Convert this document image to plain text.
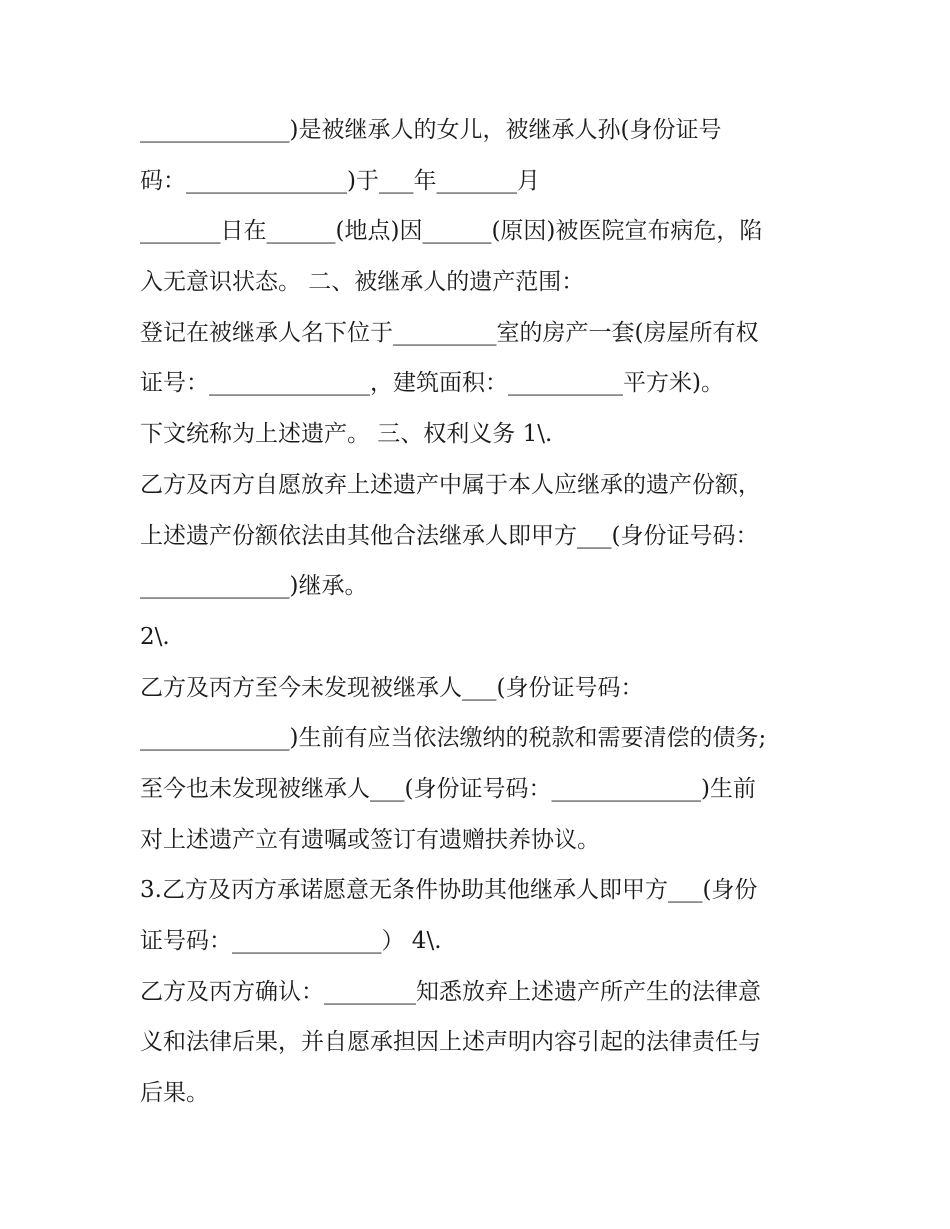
_____________)是被继承人的女儿，被继承人孙(身份证号
码：______________)于___年_______月
_______日在______(地点)因______(原因)被医院宣布病危，陷
入无意识状态。 二、被继承人的遗产范围：
登记在被继承人名下位于_________室的房产一套(房屋所有权
证号：______________，建筑面积：__________平方米)。
下文统称为上述遗产。 三、权利义务 1\.
乙方及丙方自愿放弃上述遗产中属于本人应继承的遗产份额，
上述遗产份额依法由其他合法继承人即甲方___(身份证号码：
_____________)继承。
2\.
乙方及丙方至今未发现被继承人___(身份证号码：
_____________)生前有应当依法缴纳的税款和需要清偿的债务;
至今也未发现被继承人___(身份证号码：_____________)生前
对上述遗产立有遗嘱或签订有遗赠扶养协议。
3.乙方及丙方承诺愿意无条件协助其他继承人即甲方___(身份
证号码：_____________） 4\.
乙方及丙方确认：________知悉放弃上述遗产所产生的法律意
义和法律后果，并自愿承担因上述声明内容引起的法律责任与
后果。
